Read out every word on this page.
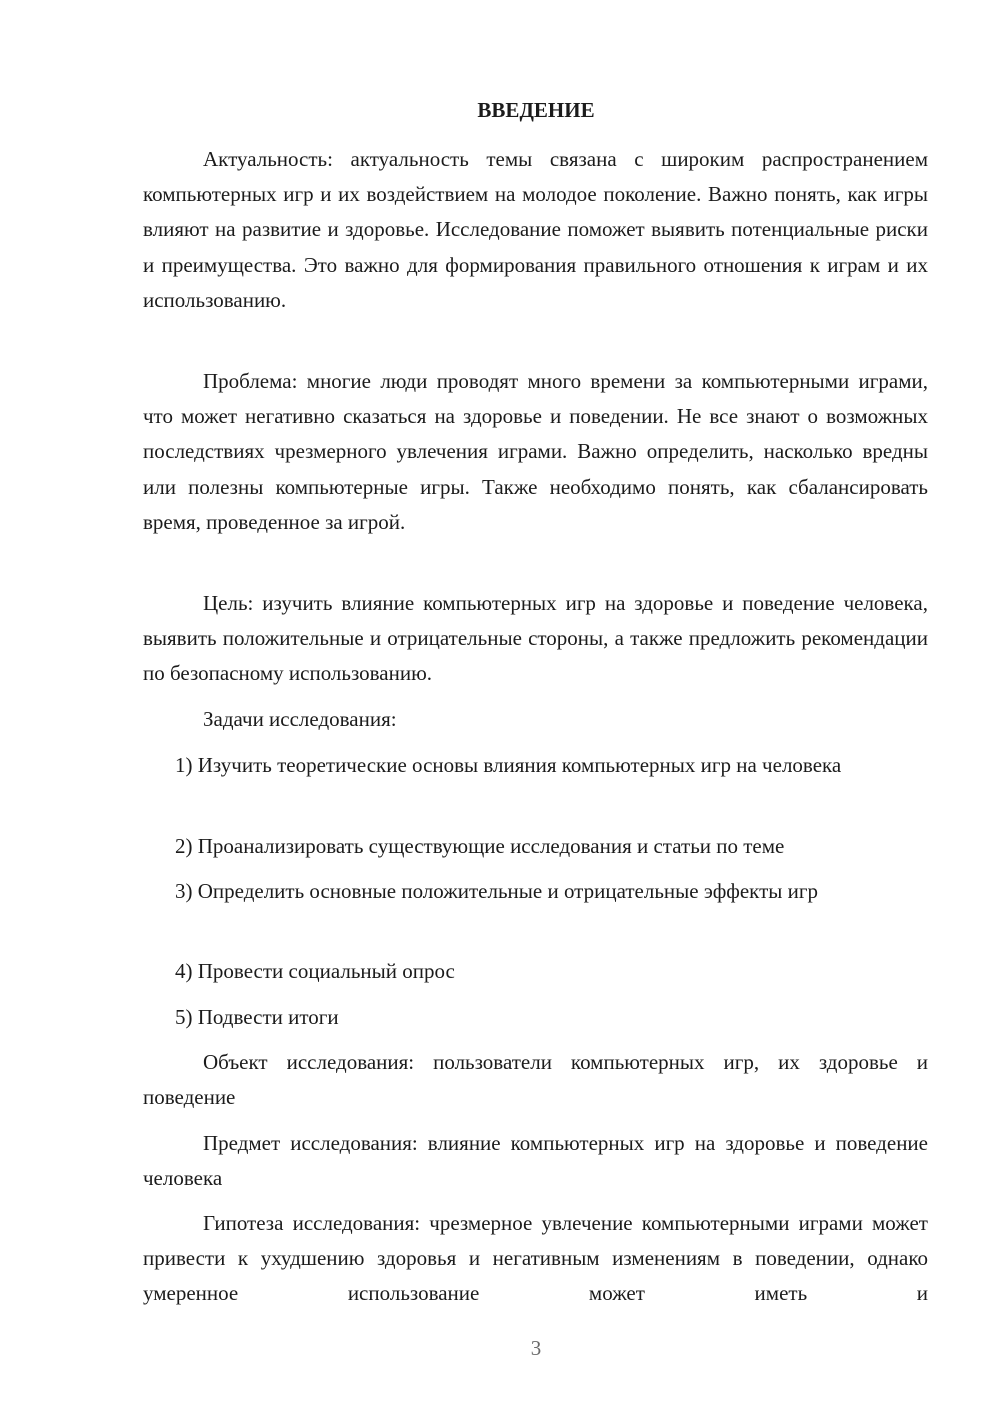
ВВЕДЕНИЕ

Актуальность: актуальность темы связана с широким распространением компьютерных игр и их воздействием на молодое поколение. Важно понять, как игры влияют на развитие и здоровье. Исследование поможет выявить потенциальные риски и преимущества. Это важно для формирования правильного отношения к играм и их использованию.

Проблема: многие люди проводят много времени за компьютерными играми, что может негативно сказаться на здоровье и поведении. Не все знают о возможных последствиях чрезмерного увлечения играми. Важно определить, насколько вредны или полезны компьютерные игры. Также необходимо понять, как сбалансировать время, проведенное за игрой.

Цель: изучить влияние компьютерных игр на здоровье и поведение человека, выявить положительные и отрицательные стороны, а также предложить рекомендации по безопасному использованию.

Задачи исследования:

1) Изучить теоретические основы влияния компьютерных игр на человека

2) Проанализировать существующие исследования и статьи по теме

3) Определить основные положительные и отрицательные эффекты игр

4) Провести социальный опрос

5) Подвести итоги

Объект исследования: пользователи компьютерных игр, их здоровье и поведение

Предмет исследования: влияние компьютерных игр на здоровье и поведение человека

Гипотеза исследования: чрезмерное увлечение компьютерными играми может привести к ухудшению здоровья и негативным изменениям в поведении, однако умеренное использование может иметь и

3
